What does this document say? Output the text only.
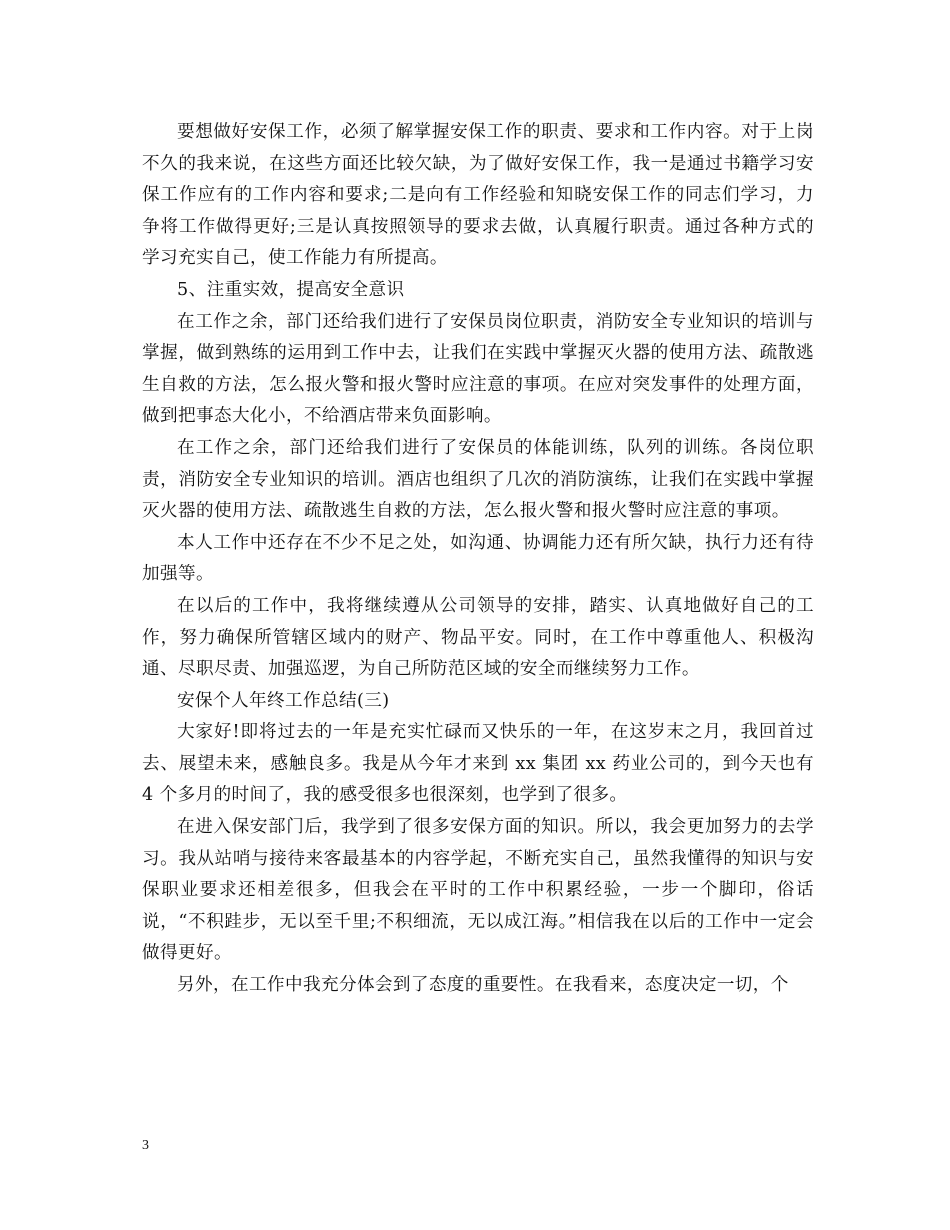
要想做好安保工作，必须了解掌握安保工作的职责、要求和工作内容。对于上岗不久的我来说，在这些方面还比较欠缺，为了做好安保工作，我一是通过书籍学习安保工作应有的工作内容和要求;二是向有工作经验和知晓安保工作的同志们学习，力争将工作做得更好;三是认真按照领导的要求去做，认真履行职责。通过各种方式的学习充实自己，使工作能力有所提高。

5、注重实效，提高安全意识

在工作之余，部门还给我们进行了安保员岗位职责，消防安全专业知识的培训与掌握，做到熟练的运用到工作中去，让我们在实践中掌握灭火器的使用方法、疏散逃生自救的方法，怎么报火警和报火警时应注意的事项。在应对突发事件的处理方面，做到把事态大化小，不给酒店带来负面影响。

在工作之余，部门还给我们进行了安保员的体能训练，队列的训练。各岗位职责，消防安全专业知识的培训。酒店也组织了几次的消防演练，让我们在实践中掌握灭火器的使用方法、疏散逃生自救的方法，怎么报火警和报火警时应注意的事项。

本人工作中还存在不少不足之处，如沟通、协调能力还有所欠缺，执行力还有待加强等。

在以后的工作中，我将继续遵从公司领导的安排，踏实、认真地做好自己的工作，努力确保所管辖区域内的财产、物品平安。同时，在工作中尊重他人、积极沟通、尽职尽责、加强巡逻，为自己所防范区域的安全而继续努力工作。

安保个人年终工作总结(三)

大家好!即将过去的一年是充实忙碌而又快乐的一年，在这岁末之月，我回首过去、展望未来，感触良多。我是从今年才来到 xx 集团 xx 药业公司的，到今天也有 4 个多月的时间了，我的感受很多也很深刻，也学到了很多。

在进入保安部门后，我学到了很多安保方面的知识。所以，我会更加努力的去学习。我从站哨与接待来客最基本的内容学起，不断充实自己，虽然我懂得的知识与安保职业要求还相差很多，但我会在平时的工作中积累经验，一步一个脚印，俗话说，“不积跬步，无以至千里;不积细流，无以成江海。”相信我在以后的工作中一定会做得更好。

另外，在工作中我充分体会到了态度的重要性。在我看来，态度决定一切，个

3
